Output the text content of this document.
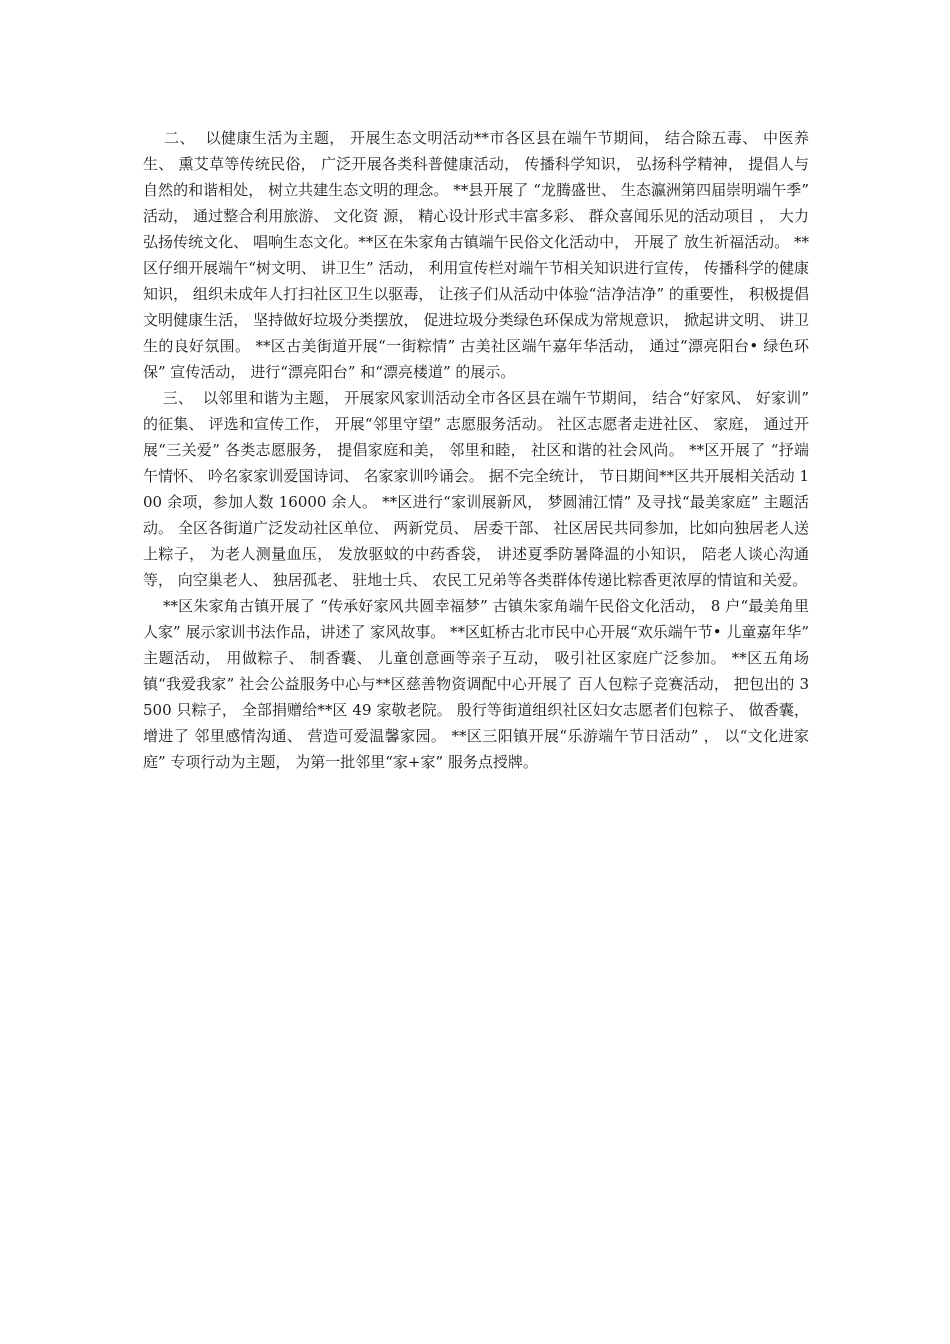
二、  以健康生活为主题， 开展生态文明活动**市各区县在端午节期间， 结合除五毒、 中医养生、 熏艾草等传统民俗， 广泛开展各类科普健康活动， 传播科学知识， 弘扬科学精神， 提倡人与自然的和谐相处， 树立共建生态文明的理念。 **县开展了 “龙腾盛世、 生态瀛洲第四届崇明端午季” 活动， 通过整合利用旅游、 文化资 源， 精心设计形式丰富多彩、 群众喜闻乐见的活动项目 ， 大力弘扬传统文化、 唱响生态文化。**区在朱家角古镇端午民俗文化活动中， 开展了 放生祈福活动。 **区仔细开展端午“树文明、 讲卫生” 活动， 利用宣传栏对端午节相关知识进行宣传， 传播科学的健康知识， 组织未成年人打扫社区卫生以驱毒， 让孩子们从活动中体验“洁净洁净” 的重要性， 积极提倡文明健康生活， 坚持做好垃圾分类摆放， 促进垃圾分类绿色环保成为常规意识， 掀起讲文明、 讲卫生的良好氛围。 **区古美街道开展“一街粽情” 古美社区端午嘉年华活动， 通过“漂亮阳台• 绿色环保” 宣传活动， 进行“漂亮阳台” 和“漂亮楼道” 的展示。

三、  以邻里和谐为主题， 开展家风家训活动全市各区县在端午节期间， 结合“好家风、 好家训” 的征集、 评选和宣传工作， 开展“邻里守望” 志愿服务活动。 社区志愿者走进社区、 家庭， 通过开展“三关爱” 各类志愿服务， 提倡家庭和美， 邻里和睦， 社区和谐的社会风尚。 **区开展了 “抒端午情怀、 吟名家家训爱国诗词、 名家家训吟诵会。 据不完全统计， 节日期间**区共开展相关活动 100 余项，参加人数 16000 余人。 **区进行“家训展新风， 梦圆浦江情” 及寻找“最美家庭” 主题活动。 全区各街道广泛发动社区单位、 两新党员、 居委干部、 社区居民共同参加，比如向独居老人送上粽子， 为老人测量血压， 发放驱蚊的中药香袋， 讲述夏季防暑降温的小知识， 陪老人谈心沟通等， 向空巢老人、 独居孤老、 驻地士兵、 农民工兄弟等各类群体传递比粽香更浓厚的情谊和关爱。

**区朱家角古镇开展了 “传承好家风共圆幸福梦” 古镇朱家角端午民俗文化活动， 8 户“最美角里人家” 展示家训书法作品，讲述了 家风故事。 **区虹桥古北市民中心开展“欢乐端午节• 儿童嘉年华” 主题活动， 用做粽子、 制香囊、 儿童创意画等亲子互动， 吸引社区家庭广泛参加。 **区五角场镇“我爱我家” 社会公益服务中心与**区慈善物资调配中心开展了 百人包粽子竞赛活动， 把包出的 3500 只粽子， 全部捐赠给**区 49 家敬老院。 殷行等街道组织社区妇女志愿者们包粽子、 做香囊， 增进了 邻里感情沟通、 营造可爱温馨家园。 **区三阳镇开展“乐游端午节日活动” ， 以“文化进家庭” 专项行动为主题， 为第一批邻里“家+家” 服务点授牌。
